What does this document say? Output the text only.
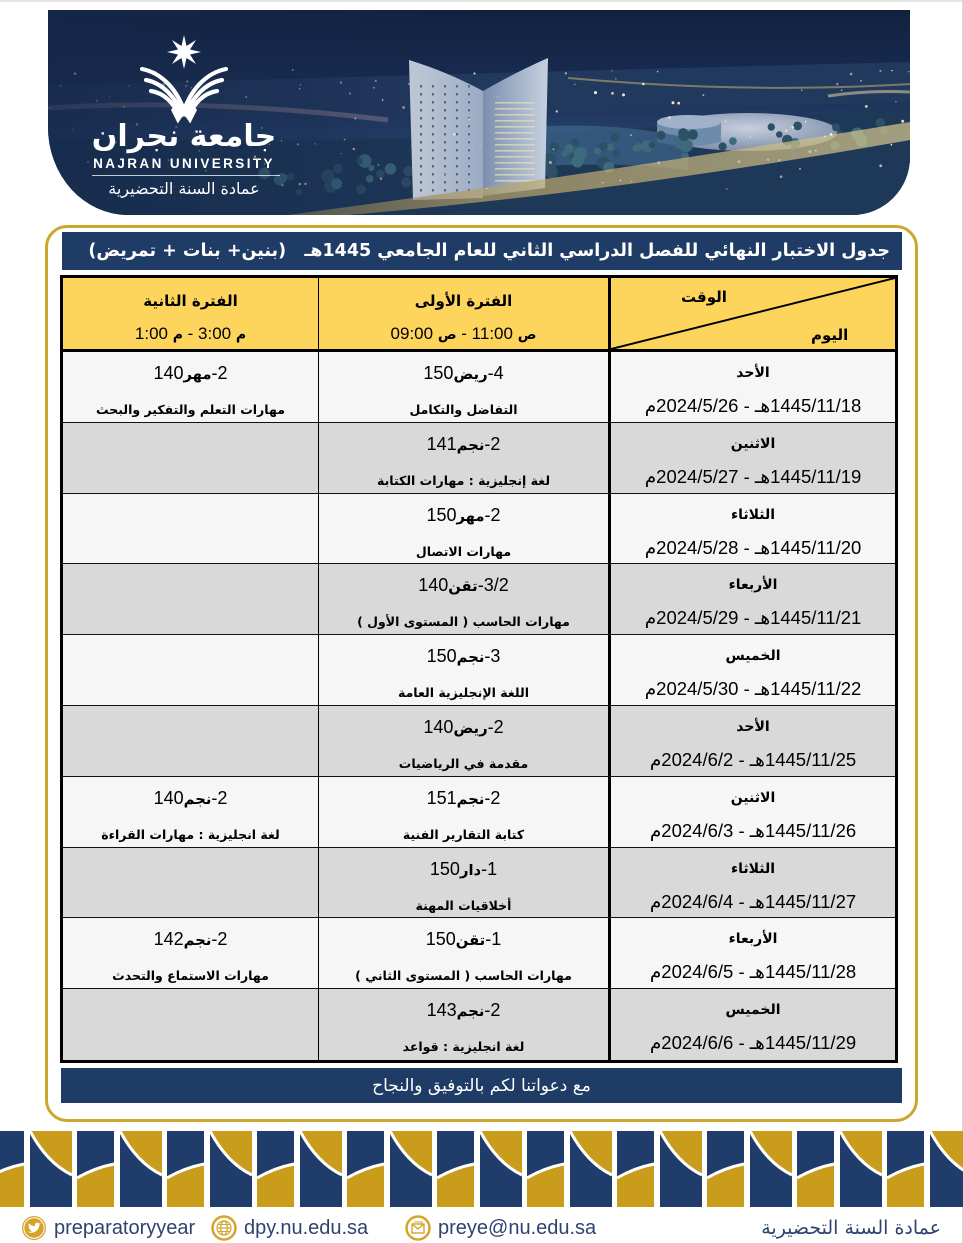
جامعة نجران
NAJRAN UNIVERSITY
عمادة السنة التحضيرية
جدول الاختبار النهائي للفصل الدراسي الثاني للعام الجامعي 1445هـ   (بنين+ بنات + تمريض)
الوقت
اليوم
الفترة الأولى
09:00 ص - 11:00 ص
الفترة الثانية
1:00 م - 3:00 م
الأحد
1445/11/18هـ - 2024/5/26م
150ريض-4
التفاضل والتكامل
140مهر-2
مهارات التعلم والتفكير والبحث
الاثنين
1445/11/19هـ - 2024/5/27م
141نجم-2
لغة إنجليزية : مهارات الكتابة
الثلاثاء
1445/11/20هـ - 2024/5/28م
150مهر-2
مهارات الاتصال
الأربعاء
1445/11/21هـ - 2024/5/29م
140تقن-3/2
مهارات الحاسب ( المستوى الأول )
الخميس
1445/11/22هـ - 2024/5/30م
150نجم-3
اللغة الإنجليزية العامة
الأحد
1445/11/25هـ - 2024/6/2م
140ريض-2
مقدمة في الرياضيات
الاثنين
1445/11/26هـ - 2024/6/3م
151نجم-2
كتابة التقارير الفنية
140نجم-2
لغة انجليزية : مهارات القراءة
الثلاثاء
1445/11/27هـ - 2024/6/4م
150دار-1
أخلاقيات المهنة
الأربعاء
1445/11/28هـ - 2024/6/5م
150تقن-1
مهارات الحاسب ( المستوى الثاني )
142نجم-2
مهارات الاستماع والتحدث
الخميس
1445/11/29هـ - 2024/6/6م
143نجم-2
لغة انجليزية : قواعد
مع دعواتنا لكم بالتوفيق والنجاح
preparatoryyear dpy.nu.edu.sa	preye@nu.edu.sa	عمادة السنة التحضيرية
